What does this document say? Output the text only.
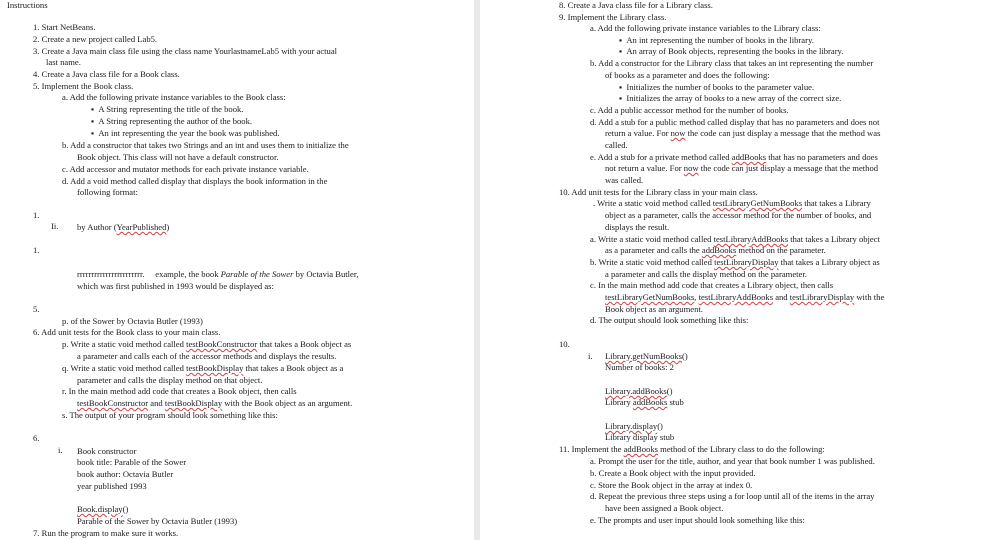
Instructions
1. Start NetBeans.
2. Create a new project called Lab5.
3. Create a Java main class file using the class name YourlastnameLab5 with your actual
last name.
4. Create a Java class file for a Book class.
5. Implement the Book class.
a. Add the following private instance variables to the Book class:
▪  A String representing the title of the book.
▪  A String representing the author of the book.
▪  An int representing the year the book was published.
b. Add a constructor that takes two Strings and an int and uses them to initialize the
Book object. This class will not have a default constructor.
c. Add accessor and mutator methods for each private instance variable.
d. Add a void method called display that displays the book information in the
following format:
1.
Ii. by Author (YearPublished)
1.
rrrrrrrrrrrrrrrrrrrrrrr. example, the book Parable of the Sower by Octavia Butler,
which was first published in 1993 would be displayed as:
5.
p. of the Sower by Octavia Butler (1993)
6. Add unit tests for the Book class to your main class.
p. Write a static void method called testBookConstructor that takes a Book object as
a parameter and calls each of the accessor methods and displays the results.
q. Write a static void method called testBookDisplay that takes a Book object as a
parameter and calls the display method on that object.
r. In the main method add code that creates a Book object, then calls
testBookConstructor and testBookDisplay with the Book object as an argument.
s. The output of your program should look something like this:
6.
i. Book constructor
book title: Parable of the Sower
book author: Octavia Butler
year published 1993
Book.display()
Parable of the Sower by Octavia Butler (1993)
7. Run the program to make sure it works.
8. Create a Java class file for a Library class.
9. Implement the Library class.
a. Add the following private instance variables to the Library class:
▪  An int representing the number of books in the library.
▪  An array of Book objects, representing the books in the library.
b. Add a constructor for the Library class that takes an int representing the number
of books as a parameter and does the following:
▪  Initializes the number of books to the parameter value.
▪  Initializes the array of books to a new array of the correct size.
c. Add a public accessor method for the number of books.
d. Add a stub for a public method called display that has no parameters and does not
return a value. For now the code can just display a message that the method was
called.
e. Add a stub for a private method called addBooks that has no parameters and does
not return a value. For now the code can just display a message that the method
was called.
10. Add unit tests for the Library class in your main class.
. Write a static void method called testLibraryGetNumBooks that takes a Library
object as a parameter, calls the accessor method for the number of books, and
displays the result.
a. Write a static void method called testLibraryAddBooks that takes a Library object
as a parameter and calls the addBooks method on the parameter.
b. Write a static void method called testLibraryDisplay that takes a Library object as
a parameter and calls the display method on the parameter.
c. In the main method add code that creates a Library object, then calls
testLibraryGetNumBooks, testLibraryAddBooks and testLibraryDisplay with the
Book object as an argument.
d. The output should look something like this:
10.
i. Library.getNumBooks()
Number of books: 2
Library.addBooks()
Library addBooks stub
Library.display()
Library display stub
11. Implement the addBooks method of the Library class to do the following:
a. Prompt the user for the title, author, and year that book number 1 was published.
b. Create a Book object with the input provided.
c. Store the Book object in the array at index 0.
d. Repeat the previous three steps using a for loop until all of the items in the array
have been assigned a Book object.
e. The prompts and user input should look something like this:
